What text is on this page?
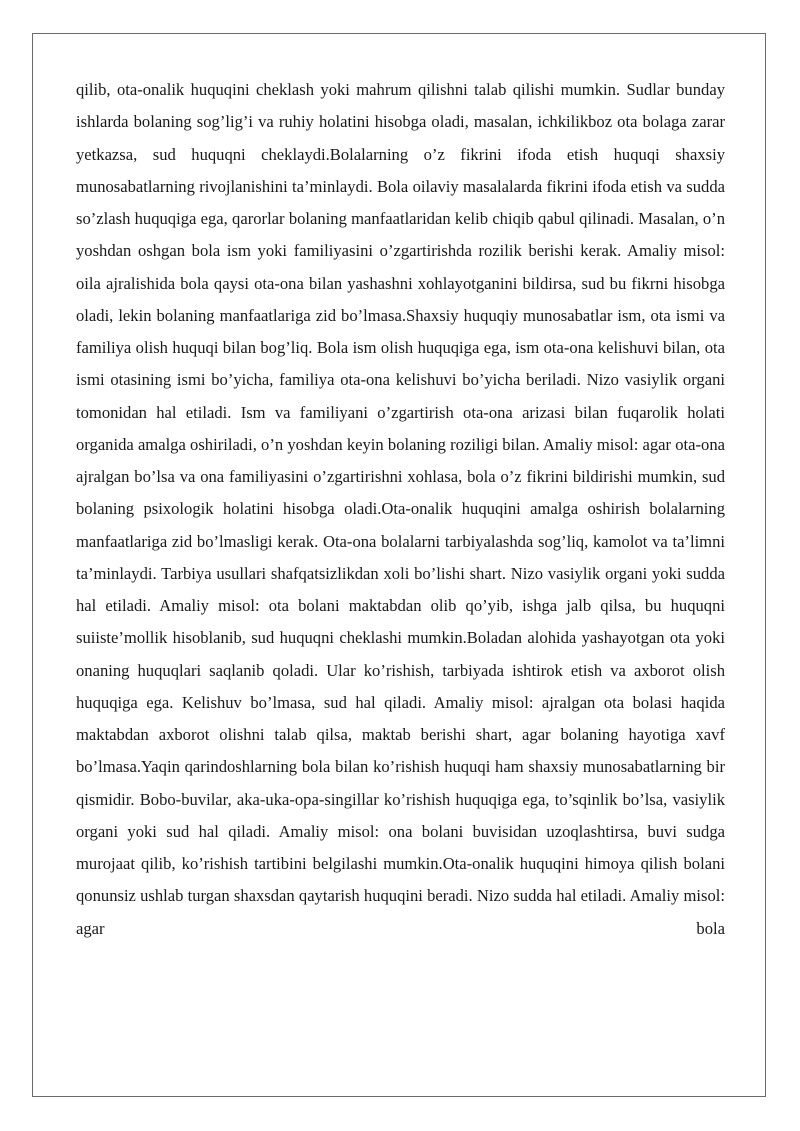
qilib, ota-onalik huquqini cheklash yoki mahrum qilishni talab qilishi mumkin. Sudlar bunday ishlarda bolaning sog’lig’i va ruhiy holatini hisobga oladi, masalan, ichkilikboz ota bolaga zarar yetkazsa, sud huquqni cheklaydi.Bolalarning o’z fikrini ifoda etish huquqi shaxsiy munosabatlarning rivojlanishini ta’minlaydi. Bola oilaviy masalalarda fikrini ifoda etish va sudda so’zlash huquqiga ega, qarorlar bolaning manfaatlaridan kelib chiqib qabul qilinadi. Masalan, o’n yoshdan oshgan bola ism yoki familiyasini o’zgartirishda rozilik berishi kerak. Amaliy misol: oila ajralishida bola qaysi ota-ona bilan yashashni xohlayotganini bildirsa, sud bu fikrni hisobga oladi, lekin bolaning manfaatlariga zid bo’lmasa.Shaxsiy huquqiy munosabatlar ism, ota ismi va familiya olish huquqi bilan bog’liq. Bola ism olish huquqiga ega, ism ota-ona kelishuvi bilan, ota ismi otasining ismi bo’yicha, familiya ota-ona kelishuvi bo’yicha beriladi. Nizo vasiylik organi tomonidan hal etiladi. Ism va familiyani o’zgartirish ota-ona arizasi bilan fuqarolik holati organida amalga oshiriladi, o’n yoshdan keyin bolaning roziligi bilan. Amaliy misol: agar ota-ona ajralgan bo’lsa va ona familiyasini o’zgartirishni xohlasa, bola o’z fikrini bildirishi mumkin, sud bolaning psixologik holatini hisobga oladi.Ota-onalik huquqini amalga oshirish bolalarning manfaatlariga zid bo’lmasligi kerak. Ota-ona bolalarni tarbiyalashda sog’liq, kamolot va ta’limni ta’minlaydi. Tarbiya usullari shafqatsizlikdan xoli bo’lishi shart. Nizo vasiylik organi yoki sudda hal etiladi. Amaliy misol: ota bolani maktabdan olib qo’yib, ishga jalb qilsa, bu huquqni suiiste’mollik hisoblanib, sud huquqni cheklashi mumkin.Boladan alohida yashayotgan ota yoki onaning huquqlari saqlanib qoladi. Ular ko’rishish, tarbiyada ishtirok etish va axborot olish huquqiga ega. Kelishuv bo’lmasa, sud hal qiladi. Amaliy misol: ajralgan ota bolasi haqida maktabdan axborot olishni talab qilsa, maktab berishi shart, agar bolaning hayotiga xavf bo’lmasa.Yaqin qarindoshlarning bola bilan ko’rishish huquqi ham shaxsiy munosabatlarning bir qismidir. Bobo-buvilar, aka-uka-opa-singillar ko’rishish huquqiga ega, to’sqinlik bo’lsa, vasiylik organi yoki sud hal qiladi. Amaliy misol: ona bolani buvisidan uzoqlashtirsa, buvi sudga murojaat qilib, ko’rishish tartibini belgilashi mumkin.Ota-onalik huquqini himoya qilish bolani qonunsiz ushlab turgan shaxsdan qaytarish huquqini beradi. Nizo sudda hal etiladi. Amaliy misol: agar bola
